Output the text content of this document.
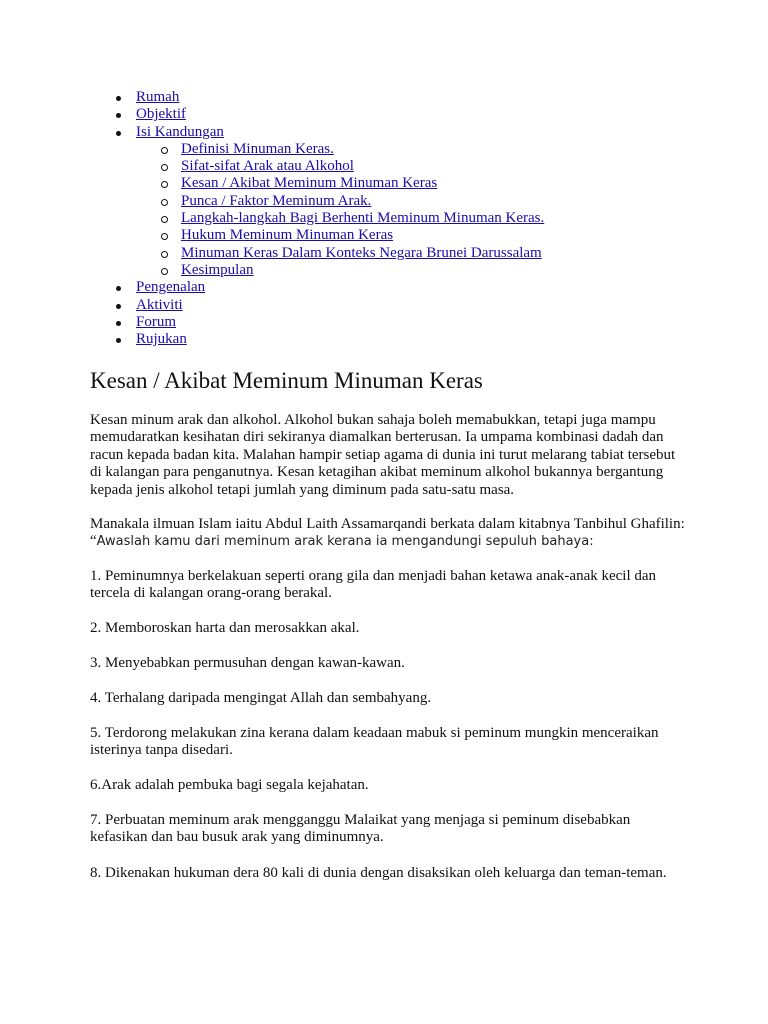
Rumah
Objektif
Isi Kandungan
Definisi Minuman Keras.
Sifat-sifat Arak atau Alkohol
Kesan / Akibat Meminum Minuman Keras
Punca / Faktor Meminum Arak.
Langkah-langkah Bagi Berhenti Meminum Minuman Keras.
Hukum Meminum Minuman Keras
Minuman Keras Dalam Konteks Negara Brunei Darussalam
Kesimpulan
Pengenalan
Aktiviti
Forum
Rujukan
Kesan / Akibat Meminum Minuman Keras

Kesan minum arak dan alkohol. Alkohol bukan sahaja boleh memabukkan, tetapi juga mampu memudaratkan kesihatan diri sekiranya diamalkan berterusan. Ia umpama kombinasi dadah dan racun kepada badan kita. Malahan hampir setiap agama di dunia ini turut melarang tabiat tersebut di kalangan para penganutnya. Kesan ketagihan akibat meminum alkohol bukannya bergantung kepada jenis alkohol tetapi jumlah yang diminum pada satu-satu masa.

Manakala ilmuan Islam iaitu Abdul Laith Assamarqandi berkata dalam kitabnya Tanbihul Ghafilin: “Awaslah kamu dari meminum arak kerana ia mengandungi sepuluh bahaya:

1. Peminumnya berkelakuan seperti orang gila dan menjadi bahan ketawa anak-anak kecil dan tercela di kalangan orang-orang berakal.

2. Memboroskan harta dan merosakkan akal.

3. Menyebabkan permusuhan dengan kawan-kawan.

4. Terhalang daripada mengingat Allah dan sembahyang.

5. Terdorong melakukan zina kerana dalam keadaan mabuk si peminum mungkin menceraikan isterinya tanpa disedari.

6.Arak adalah pembuka bagi segala kejahatan.

7. Perbuatan meminum arak mengganggu Malaikat yang menjaga si peminum disebabkan kefasikan dan bau busuk arak yang diminumnya.

8. Dikenakan hukuman dera 80 kali di dunia dengan disaksikan oleh keluarga dan teman-teman.
